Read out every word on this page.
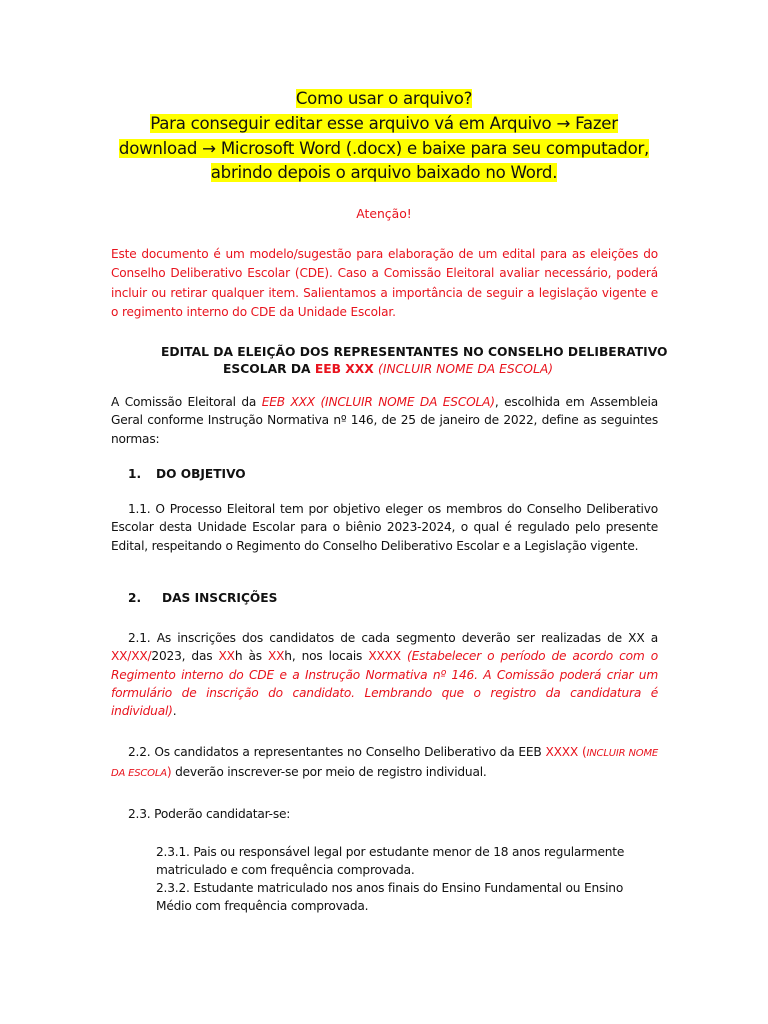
Como usar o arquivo?
Para conseguir editar esse arquivo vá em Arquivo → Fazer
download → Microsoft Word (.docx) e baixe para seu computador,
abrindo depois o arquivo baixado no Word.
Atenção!
Este documento é um modelo/sugestão para elaboração de um edital para as eleições do Conselho Deliberativo Escolar (CDE). Caso a Comissão Eleitoral avaliar necessário, poderá incluir ou retirar qualquer item. Salientamos a importância de seguir a legislação vigente e o regimento interno do CDE da Unidade Escolar.
EDITAL DA ELEIÇÃO DOS REPRESENTANTES NO CONSELHO DELIBERATIVO
ESCOLAR DA EEB XXX (INCLUIR NOME DA ESCOLA)
A Comissão Eleitoral da EEB XXX (INCLUIR NOME DA ESCOLA), escolhida em Assembleia Geral conforme Instrução Normativa nº 146, de 25 de janeiro de 2022, define as seguintes normas:
1. DO OBJETIVO
1.1. O Processo Eleitoral tem por objetivo eleger os membros do Conselho Deliberativo Escolar desta Unidade Escolar para o biênio 2023-2024, o qual é regulado pelo presente Edital, respeitando o Regimento do Conselho Deliberativo Escolar e a Legislação vigente.
2. DAS INSCRIÇÕES
2.1. As inscrições dos candidatos de cada segmento deverão ser realizadas de XX a XX/XX/2023, das XXh às XXh, nos locais XXXX (Estabelecer o período de acordo com o Regimento interno do CDE e a Instrução Normativa nº 146. A Comissão poderá criar um formulário de inscrição do candidato. Lembrando que o registro da candidatura é individual).
2.2. Os candidatos a representantes no Conselho Deliberativo da EEB XXXX (INCLUIR NOME DA ESCOLA) deverão inscrever-se por meio de registro individual.
2.3. Poderão candidatar-se:
2.3.1. Pais ou responsável legal por estudante menor de 18 anos regularmente matriculado e com frequência comprovada.
2.3.2. Estudante matriculado nos anos finais do Ensino Fundamental ou Ensino Médio com frequência comprovada.
